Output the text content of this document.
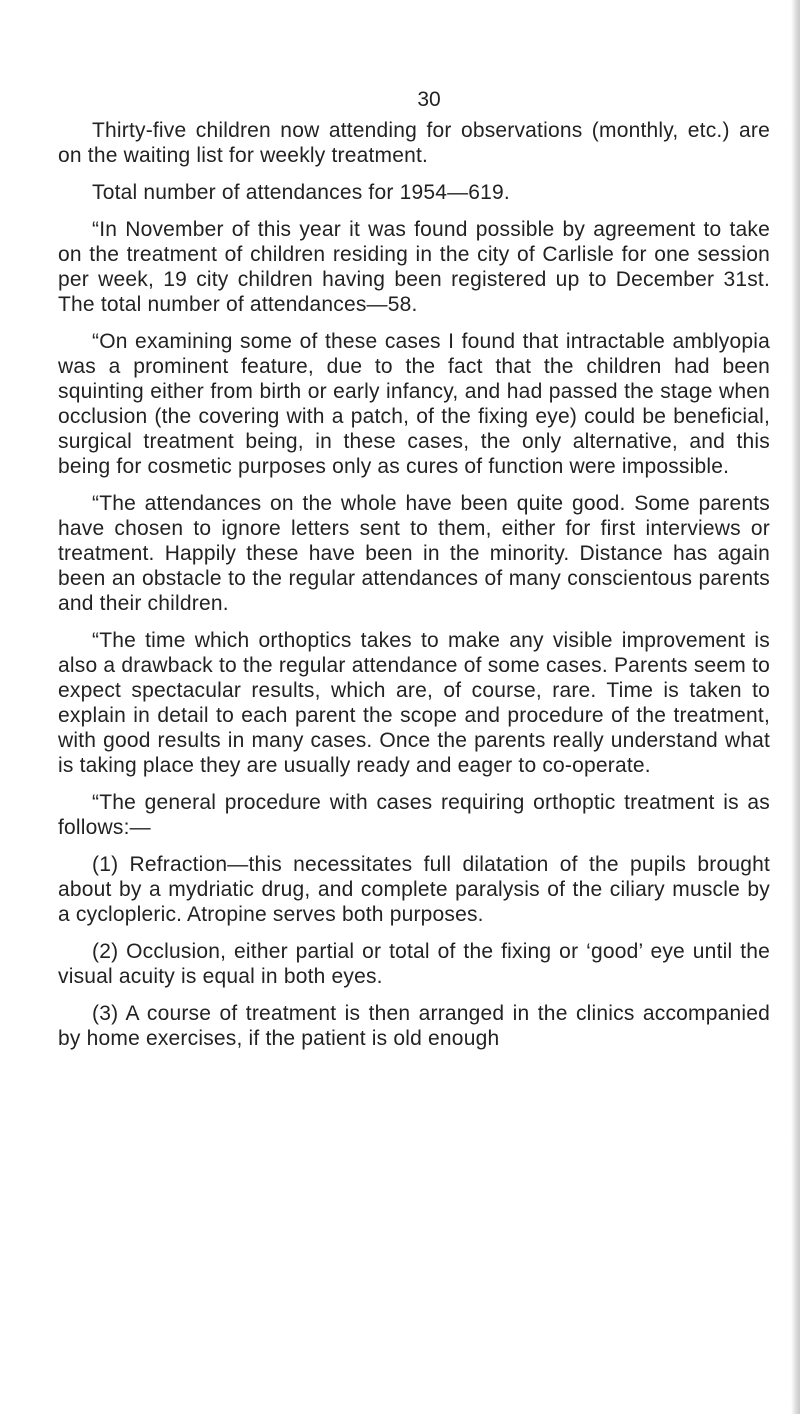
30

Thirty-five children now attending for observations (monthly, etc.) are on the waiting list for weekly treatment.

Total number of attendances for 1954—619.

“In November of this year it was found possible by agreement to take on the treatment of children residing in the city of Carlisle for one session per week, 19 city children having been registered up to December 31st. The total number of attendances—58.

“On examining some of these cases I found that intractable amblyopia was a prominent feature, due to the fact that the children had been squinting either from birth or early infancy, and had passed the stage when occlusion (the covering with a patch, of the fixing eye) could be beneficial, surgical treatment being, in these cases, the only alternative, and this being for cosmetic purposes only as cures of function were impossible.

“The attendances on the whole have been quite good. Some parents have chosen to ignore letters sent to them, either for first interviews or treatment. Happily these have been in the minority. Distance has again been an obstacle to the regular attendances of many conscientous parents and their children.

“The time which orthoptics takes to make any visible improvement is also a drawback to the regular attendance of some cases. Parents seem to expect spectacular results, which are, of course, rare. Time is taken to explain in detail to each parent the scope and procedure of the treatment, with good results in many cases. Once the parents really understand what is taking place they are usually ready and eager to co-operate.

“The general procedure with cases requiring orthoptic treatment is as follows:—

(1) Refraction—this necessitates full dilatation of the pupils brought about by a mydriatic drug, and complete paralysis of the ciliary muscle by a cyclopleric. Atropine serves both purposes.

(2) Occlusion, either partial or total of the fixing or ‘good’ eye until the visual acuity is equal in both eyes.

(3) A course of treatment is then arranged in the clinics accompanied by home exercises, if the patient is old enough
